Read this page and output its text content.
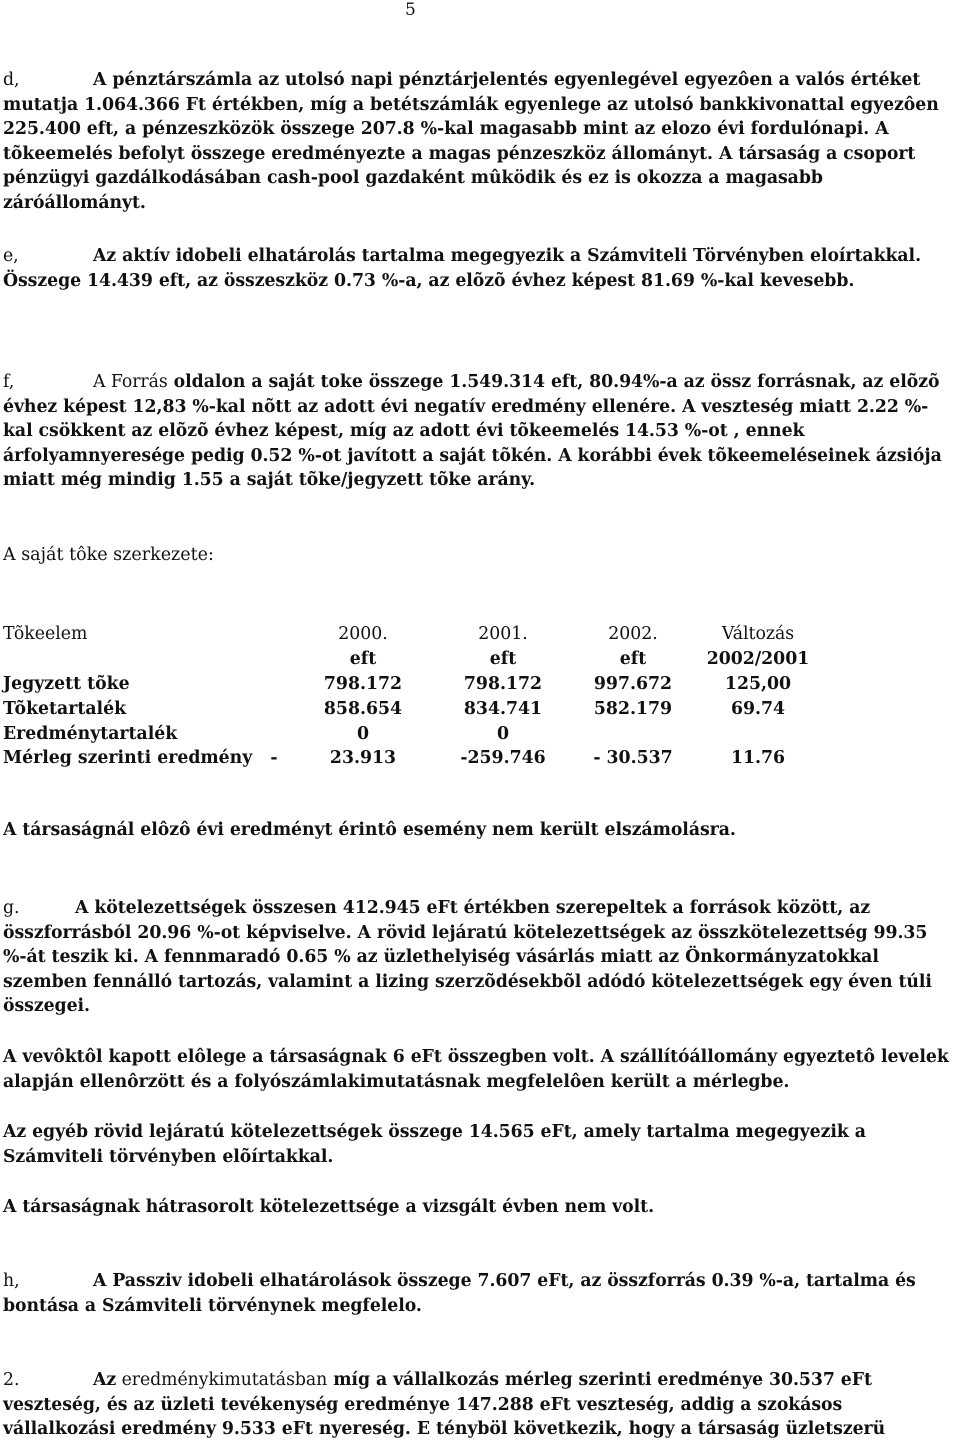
5

d,	A pénztárszámla az utolsó napi pénztárjelentés egyenlegével egyezôen a valós értéket mutatja 1.064.366 Ft értékben, míg a betétszámlák egyenlege az utolsó bankkivonattal egyezôen 225.400 eft, a pénzeszközök összege 207.8 %-kal magasabb mint az elozo évi fordulónapi. A tõkeemelés befolyt összege eredményezte a magas pénzeszköz állományt. A társaság a csoport pénzügyi gazdálkodásában cash-pool gazdaként mûködik és ez is okozza a magasabb záróállományt.

e,	Az aktív idobeli elhatárolás tartalma megegyezik a Számviteli Törvényben eloírtakkal. Összege 14.439 eft, az összeszköz 0.73 %-a, az elõzõ évhez képest 81.69 %-kal kevesebb.

f,	A Forrás oldalon a saját toke összege 1.549.314 eft, 80.94%-a az össz forrásnak, az elõzõ évhez képest 12,83 %-kal nõtt az adott évi negatív eredmény ellenére. A veszteség miatt 2.22 %-kal csökkent az elõzõ évhez képest, míg az adott évi tõkeemelés 14.53 %-ot , ennek árfolyamnyeresége pedig 0.52 %-ot javított a saját tõkén. A korábbi évek tõkeemeléseinek ázsiója miatt még mindig 1.55 a saját tõke/jegyzett tõke arány.

A saját tôke szerkezete:
Tõkeelem	2000.	2001.	2002.	Változás
	eft	eft	eft	2002/2001
Jegyzett tõke	798.172	798.172	997.672	125,00
Tõketartalék	858.654	834.741	582.179	69.74
Eredménytartalék	0	0		
Mérleg szerinti eredmény   -	23.913	-259.746	- 30.537	11.76

A társaságnál elôzô évi eredményt érintô esemény nem került elszámolásra.

g.	A kötelezettségek összesen 412.945 eFt értékben szerepeltek a források között, az összforrásból 20.96 %-ot képviselve. A rövid lejáratú kötelezettségek az összkötelezettség 99.35 %-át teszik ki. A fennmaradó 0.65 % az üzlethelyiség vásárlás miatt az Önkormányzatokkal szemben fennálló tartozás, valamint a lizing szerzõdésekbõl adódó kötelezettségek egy éven túli összegei.

A vevôktôl kapott elôlege a társaságnak 6 eFt összegben volt. A szállítóállomány egyeztetô levelek alapján ellenôrzött és a folyószámlakimutatásnak megfelelôen került a mérlegbe.

Az egyéb rövid lejáratú kötelezettségek összege 14.565 eFt, amely tartalma megegyezik a Számviteli törvényben elõírtakkal.

A társaságnak hátrasorolt kötelezettsége a vizsgált évben nem volt.

h,	A Passziv idobeli elhatárolások összege 7.607 eFt, az összforrás 0.39 %-a, tartalma és bontása a Számviteli törvénynek megfelelo.

2.	Az eredménykimutatásban míg a vállalkozás mérleg szerinti eredménye 30.537 eFt veszteség, és az üzleti tevékenység eredménye 147.288 eFt veszteség, addig a szokásos vállalkozási eredmény 9.533 eFt nyereség. E tényböl következik, hogy a társaság üzletszerü
